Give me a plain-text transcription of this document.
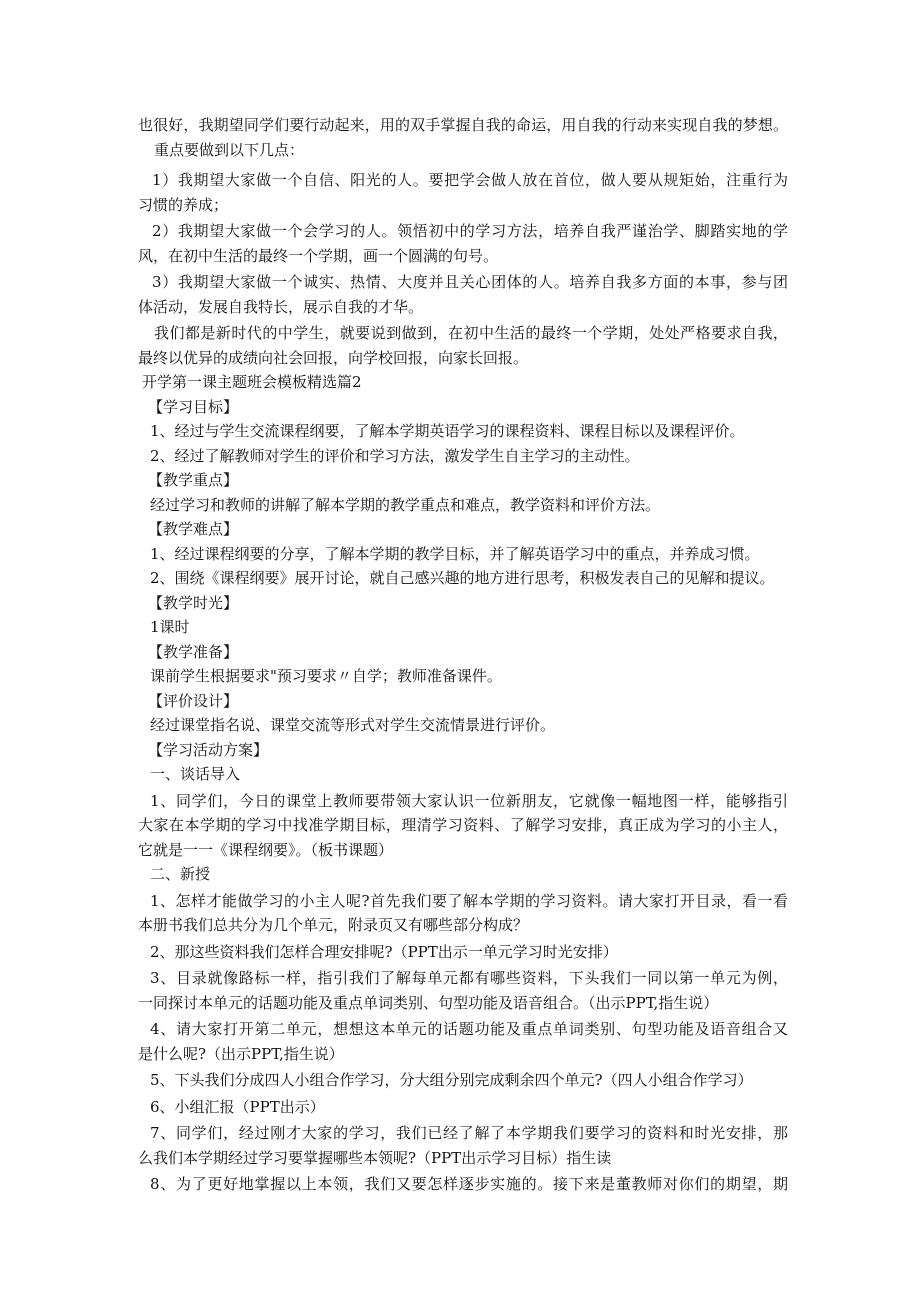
也很好，我期望同学们要行动起来，用的双手掌握自我的命运，用自我的行动来实现自我的梦想。
重点要做到以下几点：
1）我期望大家做一个自信、阳光的人。要把学会做人放在首位，做人要从规矩始，注重行为
习惯的养成；
2）我期望大家做一个会学习的人。领悟初中的学习方法，培养自我严谨治学、脚踏实地的学
风，在初中生活的最终一个学期，画一个圆满的句号。
3）我期望大家做一个诚实、热情、大度并且关心团体的人。培养自我多方面的本事，参与团
体活动，发展自我特长，展示自我的才华。
我们都是新时代的中学生，就要说到做到，在初中生活的最终一个学期，处处严格要求自我，
最终以优异的成绩向社会回报，向学校回报，向家长回报。
开学第一课主题班会模板精选篇2
【学习目标】
1、经过与学生交流课程纲要，了解本学期英语学习的课程资料、课程目标以及课程评价。
2、经过了解教师对学生的评价和学习方法，激发学生自主学习的主动性。
【教学重点】
经过学习和教师的讲解了解本学期的教学重点和难点，教学资料和评价方法。
【教学难点】
1、经过课程纲要的分享，了解本学期的教学目标，并了解英语学习中的重点，并养成习惯。
2、围绕《课程纲要》展开讨论，就自己感兴趣的地方进行思考，积极发表自己的见解和提议。
【教学时光】
1课时
【教学准备】
课前学生根据要求"预习要求〃自学；教师准备课件。
【评价设计】
经过课堂指名说、课堂交流等形式对学生交流情景进行评价。
【学习活动方案】
一、谈话导入
1、同学们，今日的课堂上教师要带领大家认识一位新朋友，它就像一幅地图一样，能够指引
大家在本学期的学习中找准学期目标，理清学习资料、了解学习安排，真正成为学习的小主人，
它就是一一《课程纲要》。（板书课题）
二、新授
1、怎样才能做学习的小主人呢?首先我们要了解本学期的学习资料。请大家打开目录，看一看
本册书我们总共分为几个单元，附录页又有哪些部分构成？
2、那这些资料我们怎样合理安排呢?（PPT出示一单元学习时光安排）
3、目录就像路标一样，指引我们了解每单元都有哪些资料，下头我们一同以第一单元为例，
一同探讨本单元的话题功能及重点单词类别、句型功能及语音组合。（出示PPT,指生说）
4、请大家打开第二单元，想想这本单元的话题功能及重点单词类别、句型功能及语音组合又
是什么呢?（出示PPT,指生说）
5、下头我们分成四人小组合作学习，分大组分别完成剩余四个单元?（四人小组合作学习）
6、小组汇报（PPT出示）
7、同学们，经过刚才大家的学习，我们已经了解了本学期我们要学习的资料和时光安排，那
么我们本学期经过学习要掌握哪些本领呢?（PPT出示学习目标）指生读
8、为了更好地掌握以上本领，我们又要怎样逐步实施的。接下来是董教师对你们的期望，期
